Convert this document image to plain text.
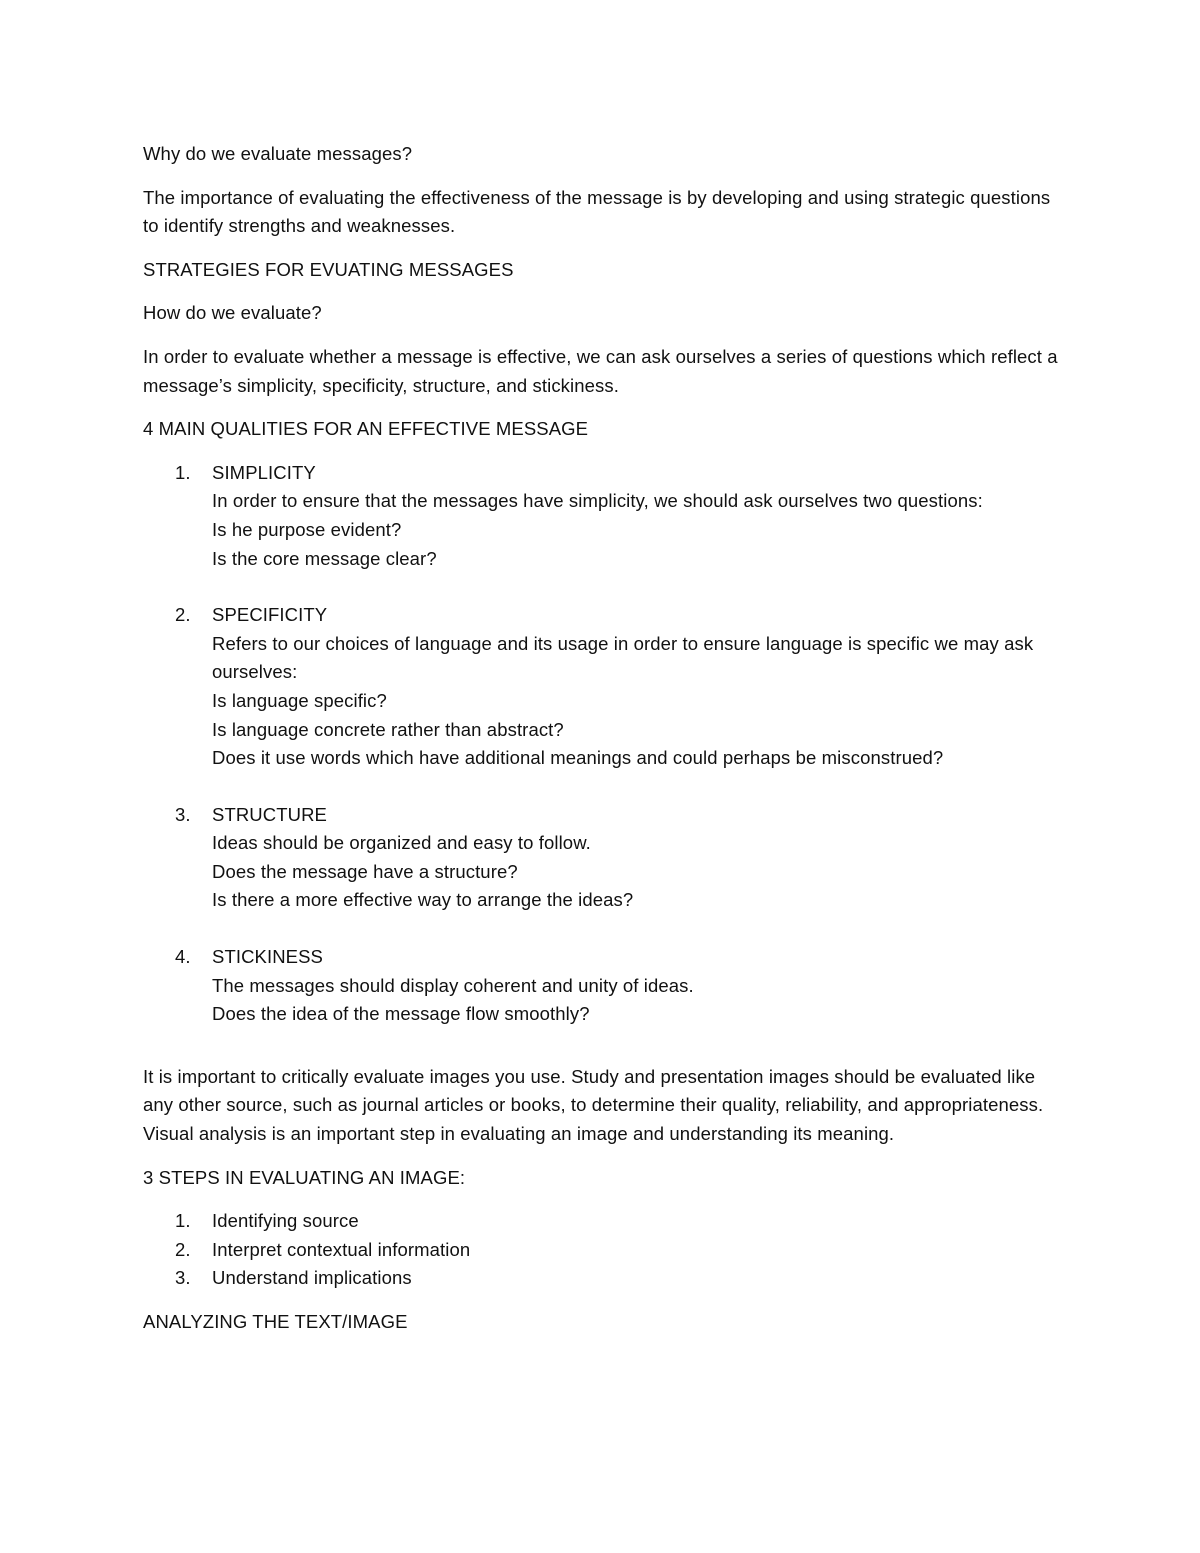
Why do we evaluate messages?

The importance of evaluating the effectiveness of the message is by developing and using strategic questions to identify strengths and weaknesses.

STRATEGIES FOR EVUATING MESSAGES

How do we evaluate?

In order to evaluate whether a message is effective, we can ask ourselves a series of questions which reflect a message’s simplicity, specificity, structure, and stickiness.

4 MAIN QUALITIES FOR AN EFFECTIVE MESSAGE

1. SIMPLICITY
In order to ensure that the messages have simplicity, we should ask ourselves two questions:
Is he purpose evident?
Is the core message clear?
2. SPECIFICITY
Refers to our choices of language and its usage in order to ensure language is specific we may ask ourselves:
Is language specific?
Is language concrete rather than abstract?
Does it use words which have additional meanings and could perhaps be misconstrued?
3. STRUCTURE
Ideas should be organized and easy to follow.
Does the message have a structure?
Is there a more effective way to arrange the ideas?
4. STICKINESS
The messages should display coherent and unity of ideas.
Does the idea of the message flow smoothly?

It is important to critically evaluate images you use. Study and presentation images should be evaluated like any other source, such as journal articles or books, to determine their quality, reliability, and appropriateness. Visual analysis is an important step in evaluating an image and understanding its meaning.

3 STEPS IN EVALUATING AN IMAGE:

1. Identifying source
2. Interpret contextual information
3. Understand implications

ANALYZING THE TEXT/IMAGE
